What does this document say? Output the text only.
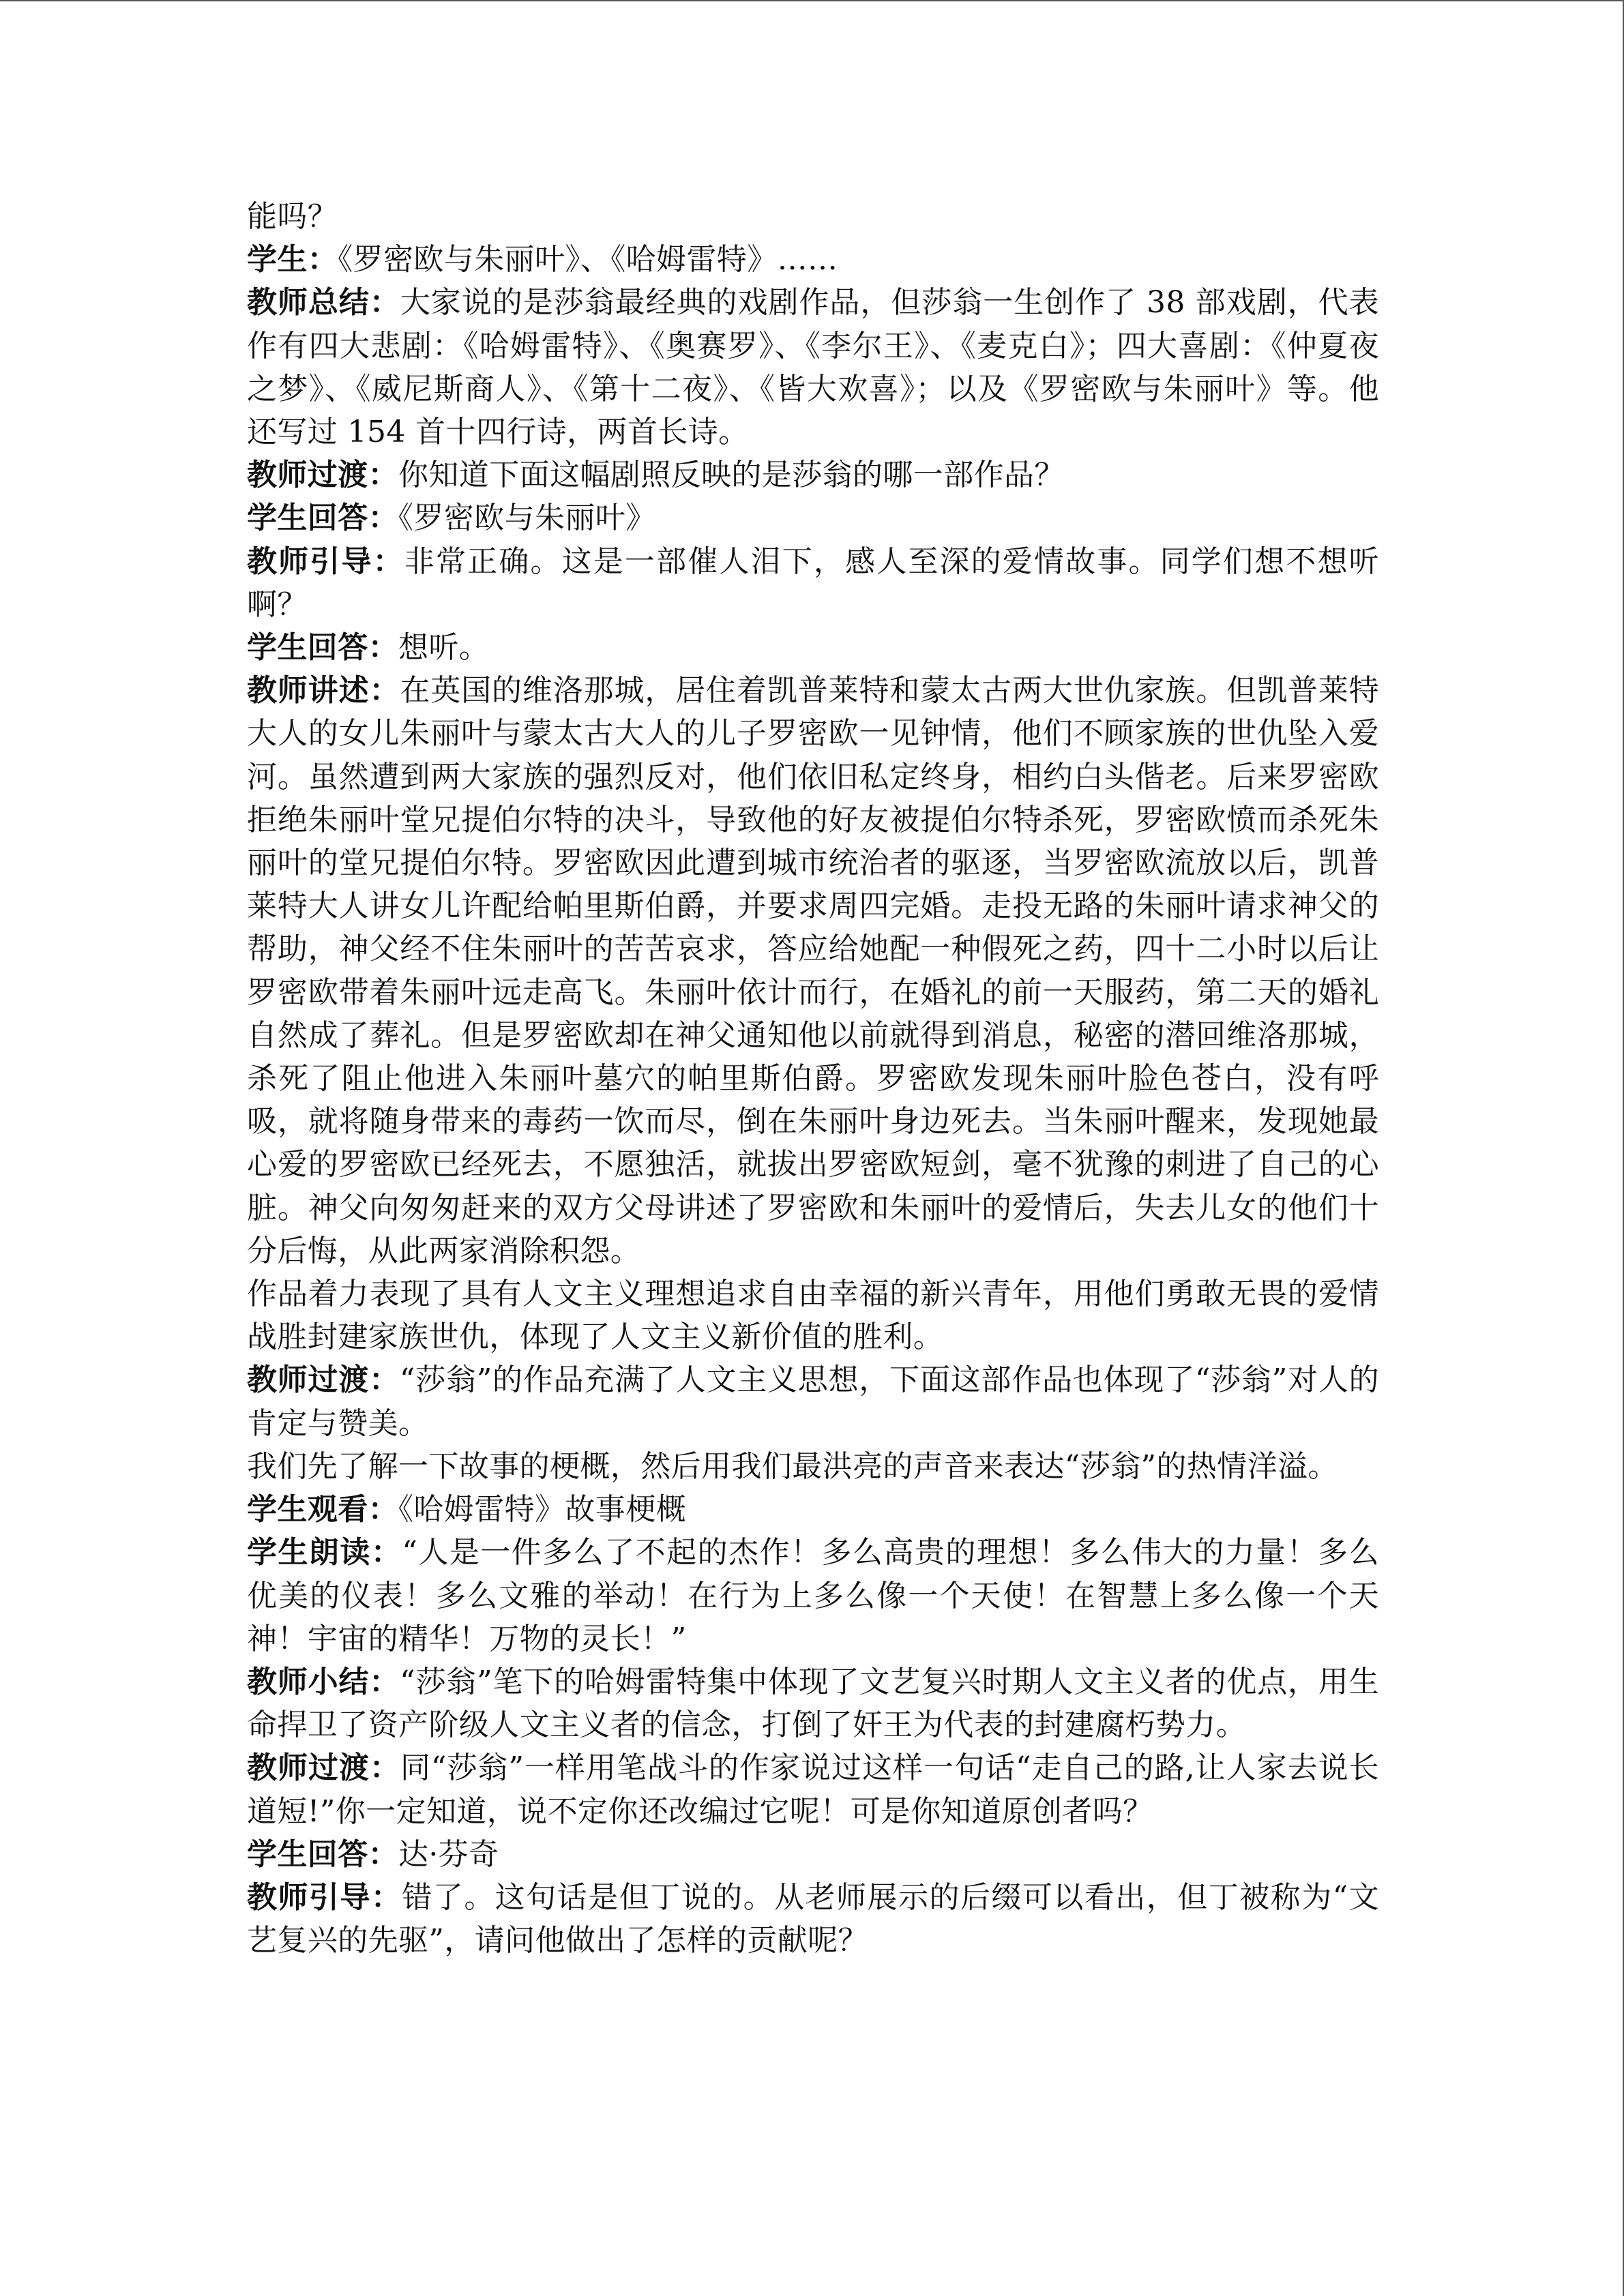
能吗？

学生：《罗密欧与朱丽叶》、《哈姆雷特》……

教师总结：大家说的是莎翁最经典的戏剧作品，但莎翁一生创作了 38 部戏剧，代表作有四大悲剧：《哈姆雷特》、《奥赛罗》、《李尔王》、《麦克白》；四大喜剧：《仲夏夜之梦》、《威尼斯商人》、《第十二夜》、《皆大欢喜》；以及《罗密欧与朱丽叶》等。他还写过 154 首十四行诗，两首长诗。

教师过渡：你知道下面这幅剧照反映的是莎翁的哪一部作品？

学生回答：《罗密欧与朱丽叶》

教师引导：非常正确。这是一部催人泪下，感人至深的爱情故事。同学们想不想听啊？

学生回答：想听。

教师讲述：在英国的维洛那城，居住着凯普莱特和蒙太古两大世仇家族。但凯普莱特大人的女儿朱丽叶与蒙太古大人的儿子罗密欧一见钟情，他们不顾家族的世仇坠入爱河。虽然遭到两大家族的强烈反对，他们依旧私定终身，相约白头偕老。后来罗密欧拒绝朱丽叶堂兄提伯尔特的决斗，导致他的好友被提伯尔特杀死，罗密欧愤而杀死朱丽叶的堂兄提伯尔特。罗密欧因此遭到城市统治者的驱逐，当罗密欧流放以后，凯普莱特大人讲女儿许配给帕里斯伯爵，并要求周四完婚。走投无路的朱丽叶请求神父的帮助，神父经不住朱丽叶的苦苦哀求，答应给她配一种假死之药，四十二小时以后让罗密欧带着朱丽叶远走高飞。朱丽叶依计而行，在婚礼的前一天服药，第二天的婚礼自然成了葬礼。但是罗密欧却在神父通知他以前就得到消息，秘密的潜回维洛那城，杀死了阻止他进入朱丽叶墓穴的帕里斯伯爵。罗密欧发现朱丽叶脸色苍白，没有呼吸，就将随身带来的毒药一饮而尽，倒在朱丽叶身边死去。当朱丽叶醒来，发现她最心爱的罗密欧已经死去，不愿独活，就拔出罗密欧短剑，毫不犹豫的刺进了自己的心脏。神父向匆匆赶来的双方父母讲述了罗密欧和朱丽叶的爱情后，失去儿女的他们十分后悔，从此两家消除积怨。

作品着力表现了具有人文主义理想追求自由幸福的新兴青年，用他们勇敢无畏的爱情战胜封建家族世仇，体现了人文主义新价值的胜利。

教师过渡：“莎翁”的作品充满了人文主义思想，下面这部作品也体现了“莎翁”对人的肯定与赞美。

我们先了解一下故事的梗概，然后用我们最洪亮的声音来表达“莎翁”的热情洋溢。

学生观看：《哈姆雷特》故事梗概

学生朗读：“人是一件多么了不起的杰作！多么高贵的理想！多么伟大的力量！多么优美的仪表！多么文雅的举动！在行为上多么像一个天使！在智慧上多么像一个天神！宇宙的精华！万物的灵长！”

教师小结：“莎翁”笔下的哈姆雷特集中体现了文艺复兴时期人文主义者的优点，用生命捍卫了资产阶级人文主义者的信念，打倒了奸王为代表的封建腐朽势力。

教师过渡：同“莎翁”一样用笔战斗的作家说过这样一句话“走自己的路,让人家去说长道短!”你一定知道，说不定你还改编过它呢！可是你知道原创者吗？

学生回答：达·芬奇

教师引导：错了。这句话是但丁说的。从老师展示的后缀可以看出，但丁被称为“文艺复兴的先驱”，请问他做出了怎样的贡献呢？
